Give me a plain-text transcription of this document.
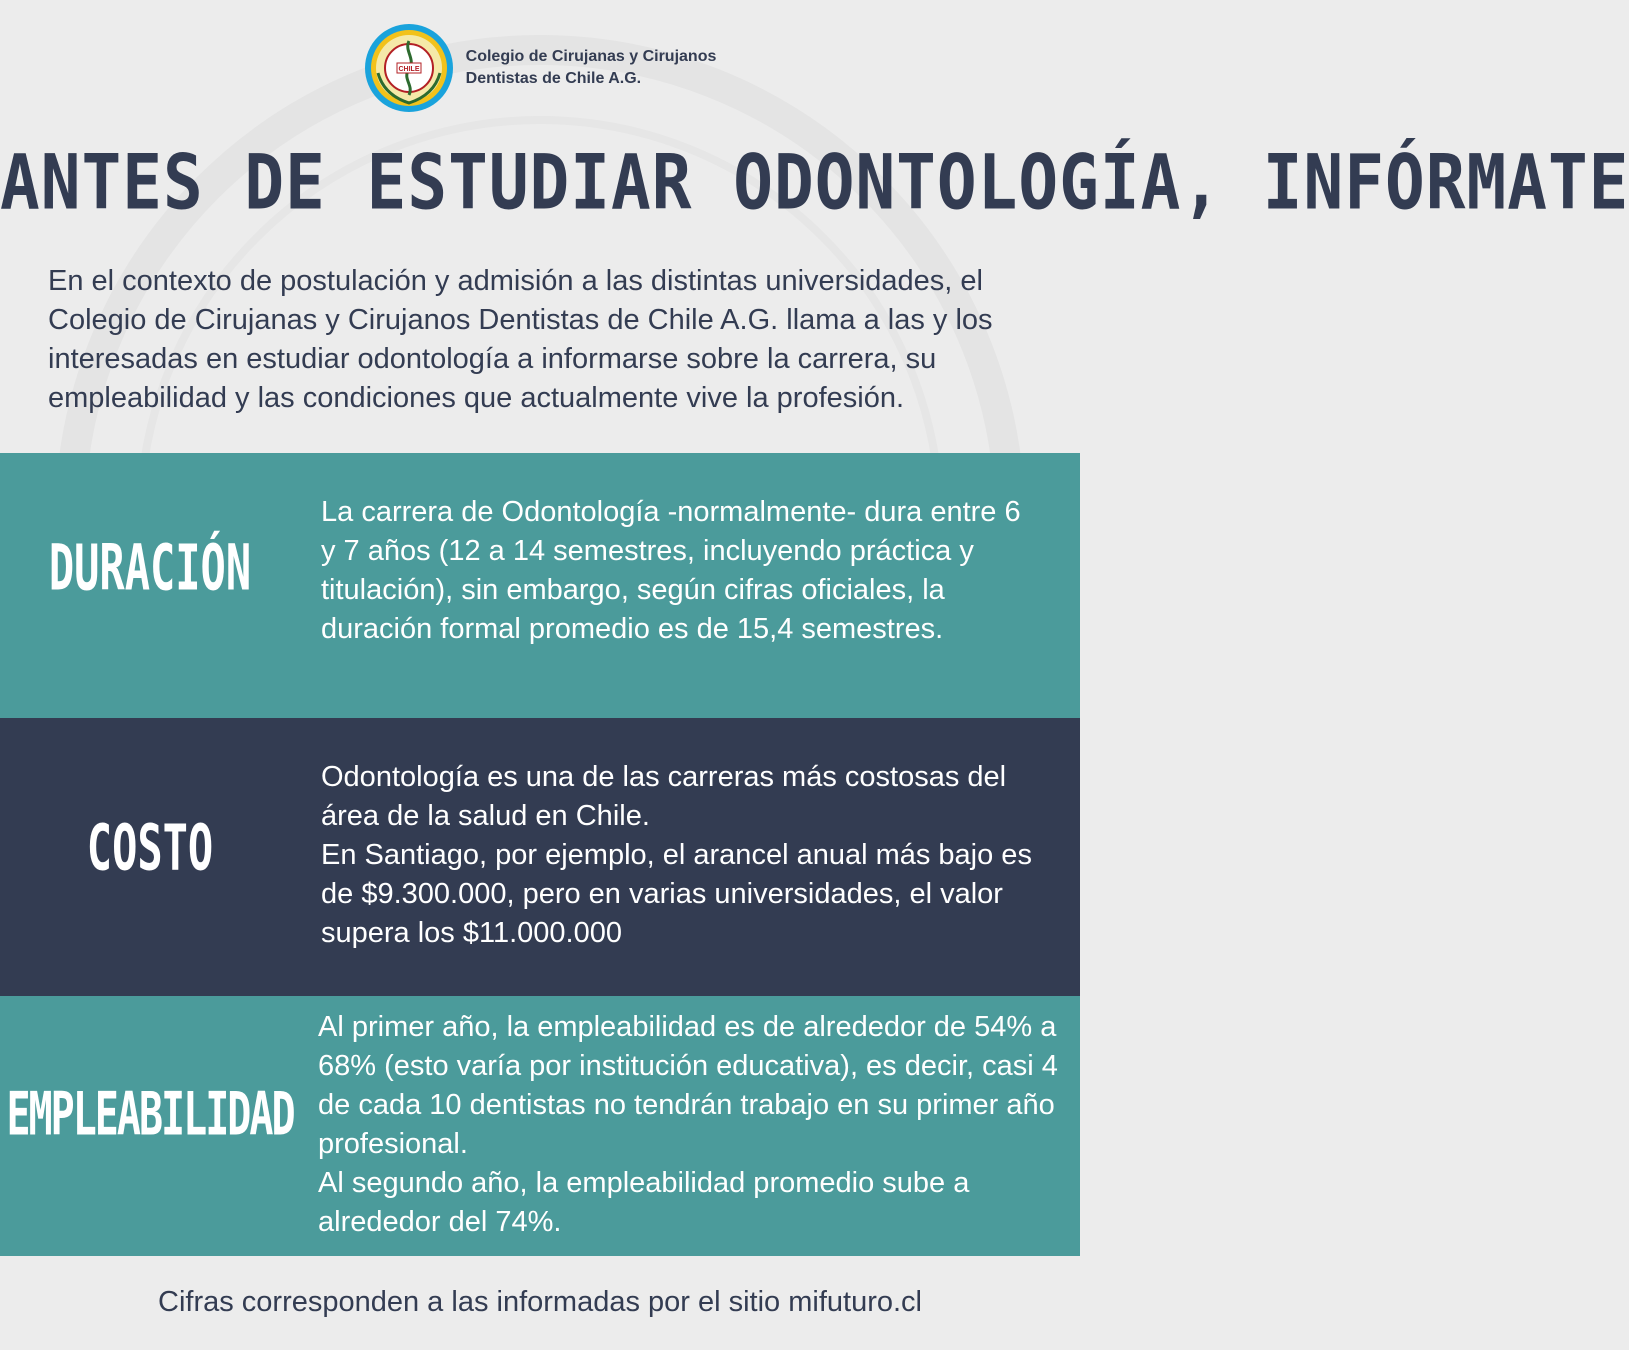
CHILE
Colegio de Cirujanas y Cirujanos
Dentistas de Chile A.G.
ANTES DE ESTUDIAR ODONTOLOGÍA, INFÓRMATE
En el contexto de postulación y admisión a las distintas universidades, el Colegio de Cirujanas y Cirujanos Dentistas de Chile A.G. llama a las y los interesadas en estudiar odontología a informarse sobre la carrera, su empleabilidad y las condiciones que actualmente vive la profesión.
DURACIÓN
La carrera de Odontología -normalmente- dura entre 6 y 7 años (12 a 14 semestres, incluyendo práctica y titulación), sin embargo, según cifras oficiales, la duración formal promedio es de 15,4 semestres.
COSTO
Odontología es una de las carreras más costosas del área de la salud en Chile.
En Santiago, por ejemplo, el arancel anual más bajo es de $9.300.000, pero en varias universidades, el valor supera los $11.000.000
EMPLEABILIDAD
Al primer año, la empleabilidad es de alrededor de 54% a 68% (esto varía por institución educativa), es decir, casi 4 de cada 10 dentistas no tendrán trabajo en su primer año profesional.
Al segundo año, la empleabilidad promedio sube a alrededor del 74%.
Cifras corresponden a las informadas por el sitio mifuturo.cl
